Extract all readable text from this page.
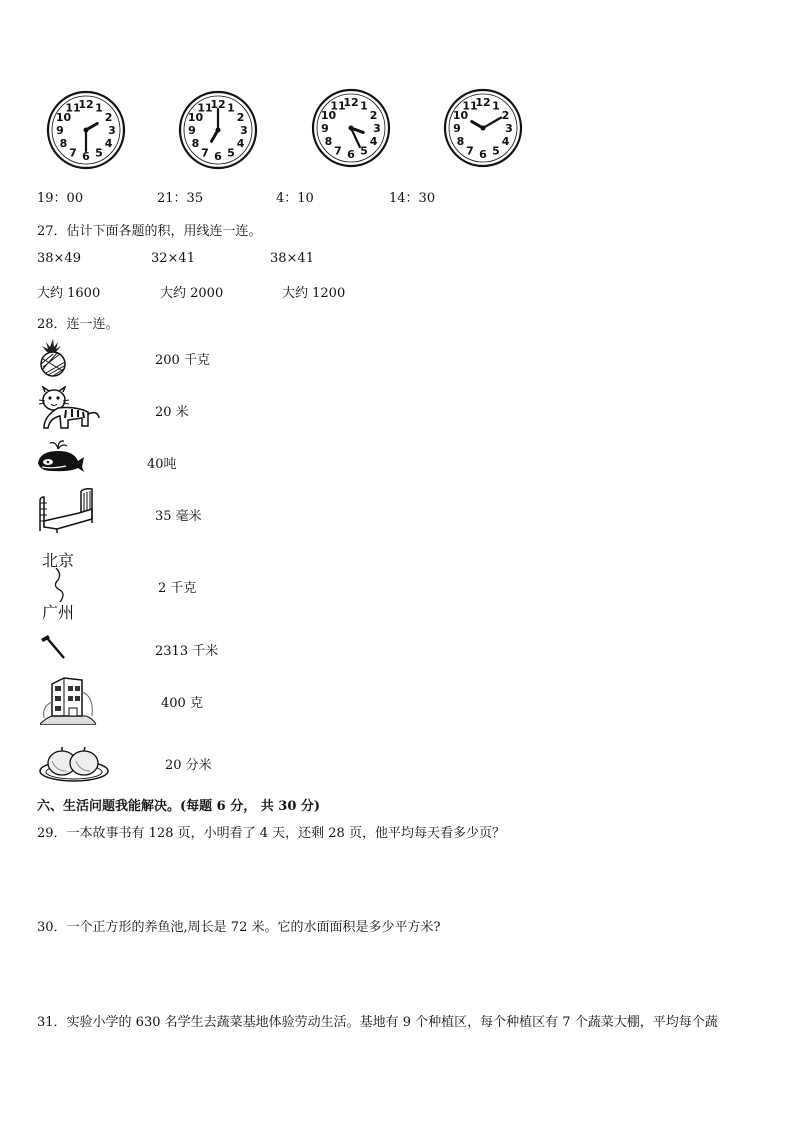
12 1
2
3
4
5
6
7
8
9
10
11	12 1
2
3
4
5
6
7
8
9
10
11	12 1
2
3
4
5
6
7
8
9
10
11	12 1
2
3
4
5
6
7
8
9
10
11
19：00	21：35	4：10	14：30
27．估计下面各题的积，用线连一连。
38×49	32×41	38×41
大约 1600	大约 2000	大约 1200
28．连一连。
200 千克
20 米
40吨
35 毫米
北京
广州
2 千克
2313 千米
400 克
20 分米
六、生活问题我能解决。(每题 6 分， 共 30 分)
29．一本故事书有 128 页，小明看了 4 天，还剩 28 页，他平均每天看多少页？
30．一个正方形的养鱼池,周长是 72 米。它的水面面积是多少平方米?
31．实验小学的 630 名学生去蔬菜基地体验劳动生活。基地有 9 个种植区，每个种植区有 7 个蔬菜大棚，平均每个蔬
